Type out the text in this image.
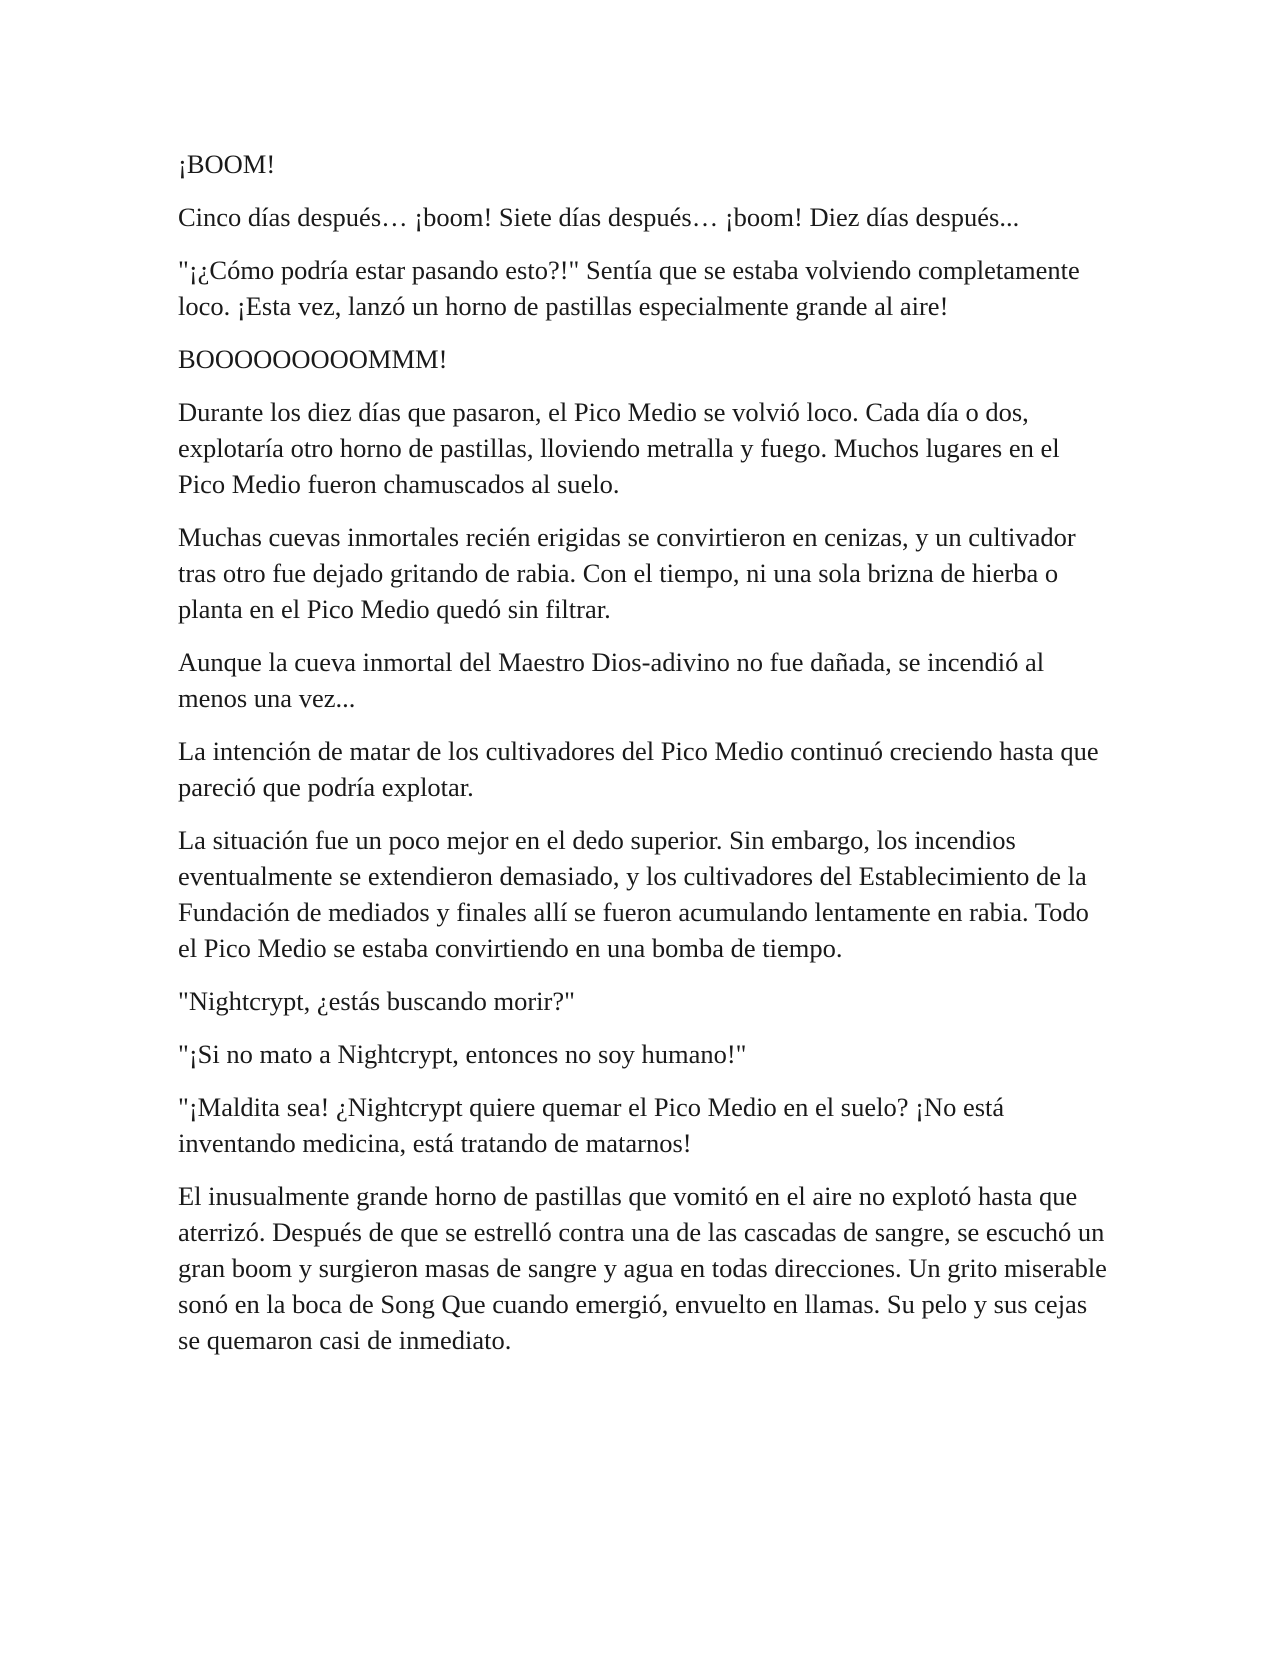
¡BOOM!

Cinco días después… ¡boom! Siete días después… ¡boom! Diez días después...

"¡¿Cómo podría estar pasando esto?!" Sentía que se estaba volviendo completamente loco. ¡Esta vez, lanzó un horno de pastillas especialmente grande al aire!

BOOOOOOOOOMMM!

Durante los diez días que pasaron, el Pico Medio se volvió loco. Cada día o dos, explotaría otro horno de pastillas, lloviendo metralla y fuego. Muchos lugares en el Pico Medio fueron chamuscados al suelo.

Muchas cuevas inmortales recién erigidas se convirtieron en cenizas, y un cultivador tras otro fue dejado gritando de rabia. Con el tiempo, ni una sola brizna de hierba o planta en el Pico Medio quedó sin filtrar.

Aunque la cueva inmortal del Maestro Dios-adivino no fue dañada, se incendió al menos una vez...

La intención de matar de los cultivadores del Pico Medio continuó creciendo hasta que pareció que podría explotar.

La situación fue un poco mejor en el dedo superior. Sin embargo, los incendios eventualmente se extendieron demasiado, y los cultivadores del Establecimiento de la Fundación de mediados y finales allí se fueron acumulando lentamente en rabia. Todo el Pico Medio se estaba convirtiendo en una bomba de tiempo.

"Nightcrypt, ¿estás buscando morir?"

"¡Si no mato a Nightcrypt, entonces no soy humano!"

"¡Maldita sea! ¿Nightcrypt quiere quemar el Pico Medio en el suelo? ¡No está inventando medicina, está tratando de matarnos!

El inusualmente grande horno de pastillas que vomitó en el aire no explotó hasta que aterrizó. Después de que se estrelló contra una de las cascadas de sangre, se escuchó un gran boom y surgieron masas de sangre y agua en todas direcciones. Un grito miserable sonó en la boca de Song Que cuando emergió, envuelto en llamas. Su pelo y sus cejas se quemaron casi de inmediato.
